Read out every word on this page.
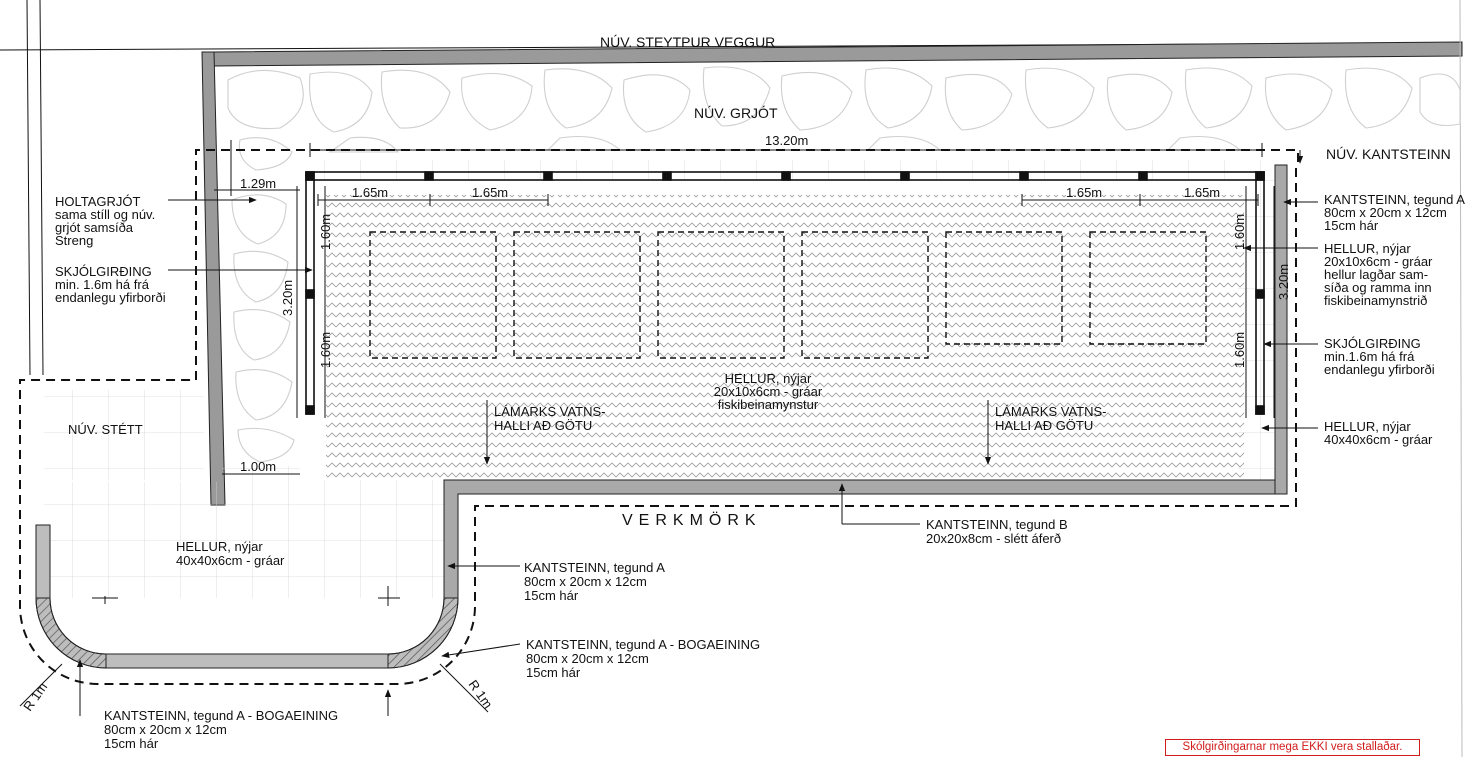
NÚV. STEYTPUR VEGGUR
NÚV. GRJÓT
NÚV. KANTSTEINN
NÚV. STÉTT
VERKMÖRK
13.20m
1.29m
1.65m	1.65m	1.65m	1.65m
3.20m	3.20m
1.60m
1.60m
1.60m
1.60m
1.00m
R 1m	R 1m
HOLTAGRJÓT
sama stíll og núv.
grjót samsíða
Streng
SKJÓLGIRÐING
min. 1.6m há frá
endanlegu yfirborði
KANTSTEINN, tegund A
80cm x 20cm x 12cm
15cm hár
HELLUR, nýjar
20x10x6cm - gráar
hellur lagðar sam-
síða og ramma inn
fiskibeinamynstrið
SKJÓLGIRÐING
min.1.6m há frá
endanlegu yfirborði
HELLUR, nýjar
40x40x6cm - gráar
HELLUR, nýjar
20x10x6cm - gráar
fiskibeinamynstur
LÁMARKS VATNS-
HALLI AÐ GÖTU
LÁMARKS VATNS-
HALLI AÐ GÖTU
KANTSTEINN, tegund B
20x20x8cm - slétt áferð
HELLUR, nýjar
40x40x6cm - gráar	KANTSTEINN, tegund A
80cm x 20cm x 12cm
15cm hár
KANTSTEINN, tegund A - BOGAEINING
80cm x 20cm x 12cm
15cm hár
KANTSTEINN, tegund A - BOGAEINING
80cm x 20cm x 12cm
15cm hár	Skólgirðingarnar mega EKKI vera stallaðar.
